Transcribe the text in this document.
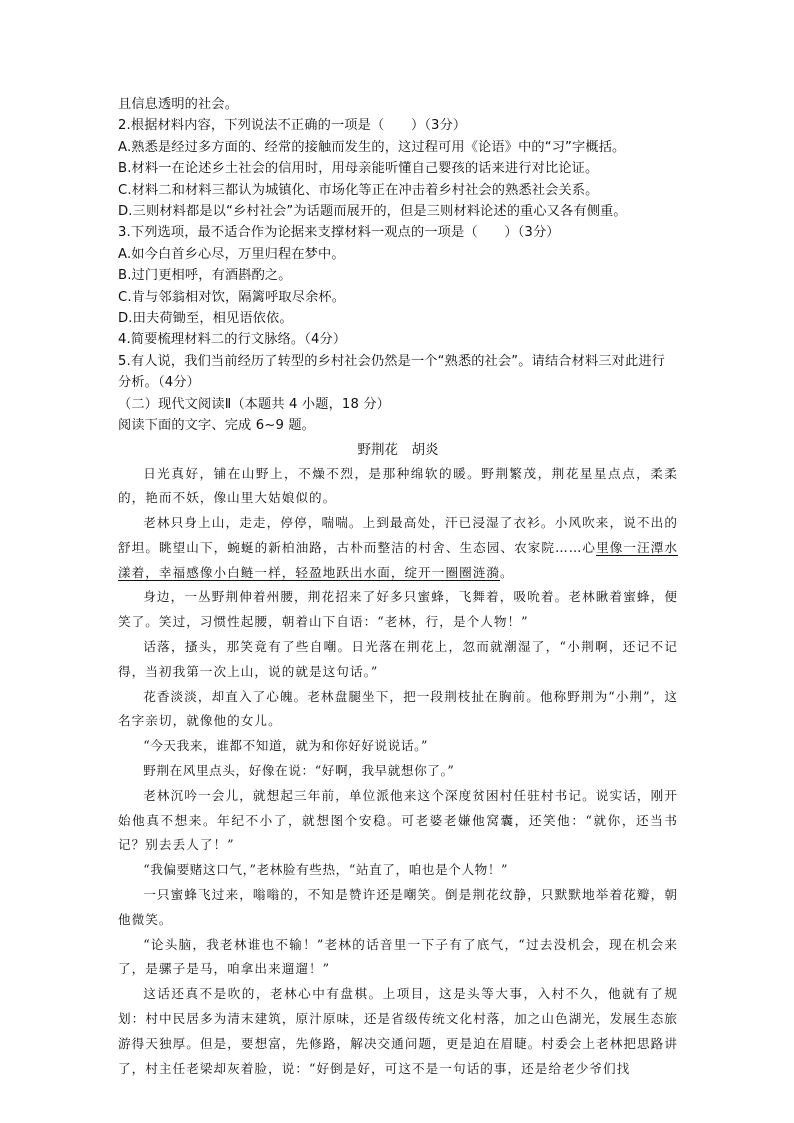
且信息透明的社会。
2.根据材料内容，下列说法不正确的一项是（　　）（3分）
A.熟悉是经过多方面的、经常的接触而发生的，这过程可用《论语》中的“习”字概括。
B.材料一在论述乡土社会的信用时，用母亲能听懂自己婴孩的话来进行对比论证。
C.材料二和材料三都认为城镇化、市场化等正在冲击着乡村社会的熟悉社会关系。
D.三则材料都是以“乡村社会”为话题而展开的，但是三则材料论述的重心又各有侧重。
3.下列选项，最不适合作为论据来支撑材料一观点的一项是（　　）（3分）
A.如今白首乡心尽，万里归程在梦中。
B.过门更相呼，有酒斟酌之。
C.肯与邻翁相对饮，隔篱呼取尽余杯。
D.田夫荷锄至，相见语依依。
4.简要梳理材料二的行文脉络。（4分）
5.有人说，我们当前经历了转型的乡村社会仍然是一个“熟悉的社会”。请结合材料三对此进行分析。（4分）
（二）现代文阅读Ⅱ（本题共 4 小题，18 分）
阅读下面的文字、完成 6~9 题。
野荆花　胡炎

日光真好，铺在山野上，不燥不烈，是那种绵软的暖。野荆繁茂，荆花星星点点，柔柔的，艳而不妖，像山里大姑娘似的。

老林只身上山，走走，停停，喘喘。上到最高处，汗已浸湿了衣衫。小风吹来，说不出的舒坦。眺望山下，蜿蜒的新柏油路，古朴而整洁的村舍、生态园、农家院……心里像一汪潭水漾着，幸福感像小白鲢一样，轻盈地跃出水面，绽开一圈圈涟漪。

身边，一丛野荆伸着州腰，荆花招来了好多只蜜蜂，飞舞着，吸吮着。老林瞅着蜜蜂，便笑了。笑过，习惯性起腰，朝着山下自语：“老林，行，是个人物！”

话落，搔头，那笑竟有了些自嘲。日光落在荆花上，忽而就潮湿了，“小荆啊，还记不记得，当初我第一次上山，说的就是这句话。”

花香淡淡，却直入了心魄。老林盘腿坐下，把一段荆枝扯在胸前。他称野荆为“小荆”，这名字亲切，就像他的女儿。

“今天我来，谁都不知道，就为和你好好说说话。”

野荆在风里点头，好像在说：“好啊，我早就想你了。”

老林沉吟一会儿，就想起三年前，单位派他来这个深度贫困村任驻村书记。说实话，刚开始他真不想来。年纪不小了，就想图个安稳。可老婆老嫌他窝囊，还笑他：“就你，还当书记？别去丢人了！”

“我偏要赌这口气，”老林脸有些热，“站直了，咱也是个人物！”

一只蜜蜂飞过来，嗡嗡的，不知是赞许还是嘲笑。倒是荆花纹静，只默默地举着花瓣，朝他微笑。

“论头脑，我老林谁也不输！”老林的话音里一下子有了底气，“过去没机会，现在机会来了，是骡子是马，咱拿出来遛遛！”

这话还真不是吹的，老林心中有盘棋。上项目，这是头等大事，入村不久，他就有了规划：村中民居多为清末建筑，原汁原味，还是省级传统文化村落，加之山色湖光，发展生态旅游得天独厚。但是，要想富，先修路，解决交通问题，更是迫在眉睫。村委会上老林把思路讲了，村主任老梁却灰着脸，说：“好倒是好，可这不是一句话的事，还是给老少爷们找
